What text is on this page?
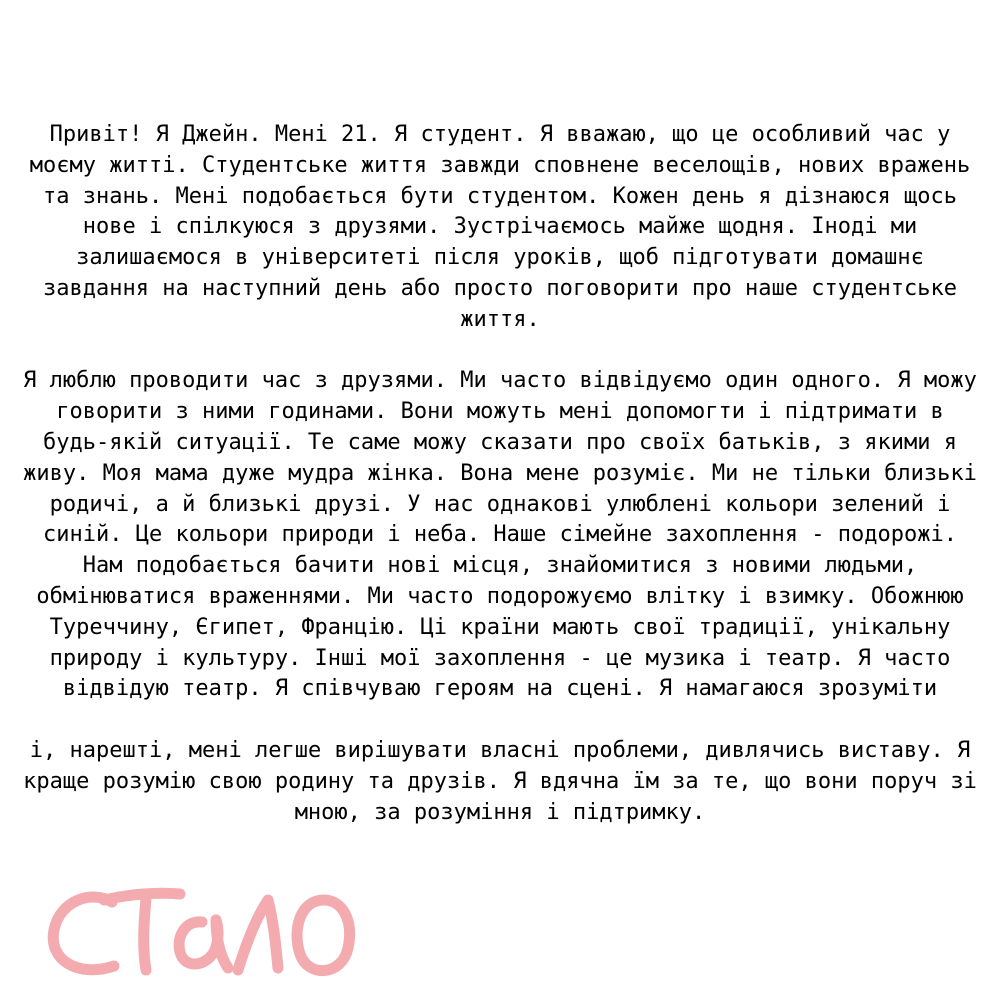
Привіт! Я Джейн. Мені 21. Я студент. Я вважаю, що це особливий час у моєму житті. Студентське життя завжди сповнене веселощів, нових вражень та знань. Мені подобається бути студентом. Кожен день я дізнаюся щось нове і спілкуюся з друзями. Зустрічаємось майже щодня. Іноді ми залишаємося в університеті після уроків, щоб підготувати домашнє завдання на наступний день або просто поговорити про наше студентське життя.

Я люблю проводити час з друзями. Ми часто відвідуємо один одного. Я можу говорити з ними годинами. Вони можуть мені допомогти і підтримати в будь-якій ситуації. Те саме можу сказати про своїх батьків, з якими я живу. Моя мама дуже мудра жінка. Вона мене розуміє. Ми не тільки близькі родичі, а й близькі друзі. У нас однакові улюблені кольори зелений і синій. Це кольори природи і неба. Наше сімейне захоплення - подорожі. Нам подобається бачити нові місця, знайомитися з новими людьми, обмінюватися враженнями. Ми часто подорожуємо влітку і взимку. Обожнюю Туреччину, Єгипет, Францію. Ці країни мають свої традиції, унікальну природу і культуру. Інші мої захоплення - це музика і театр. Я часто відвідую театр. Я співчуваю героям на сцені. Я намагаюся зрозуміти

і, нарешті, мені легше вирішувати власні проблеми, дивлячись виставу. Я краще розумію свою родину та друзів. Я вдячна їм за те, що вони поруч зі мною, за розуміння і підтримку.
